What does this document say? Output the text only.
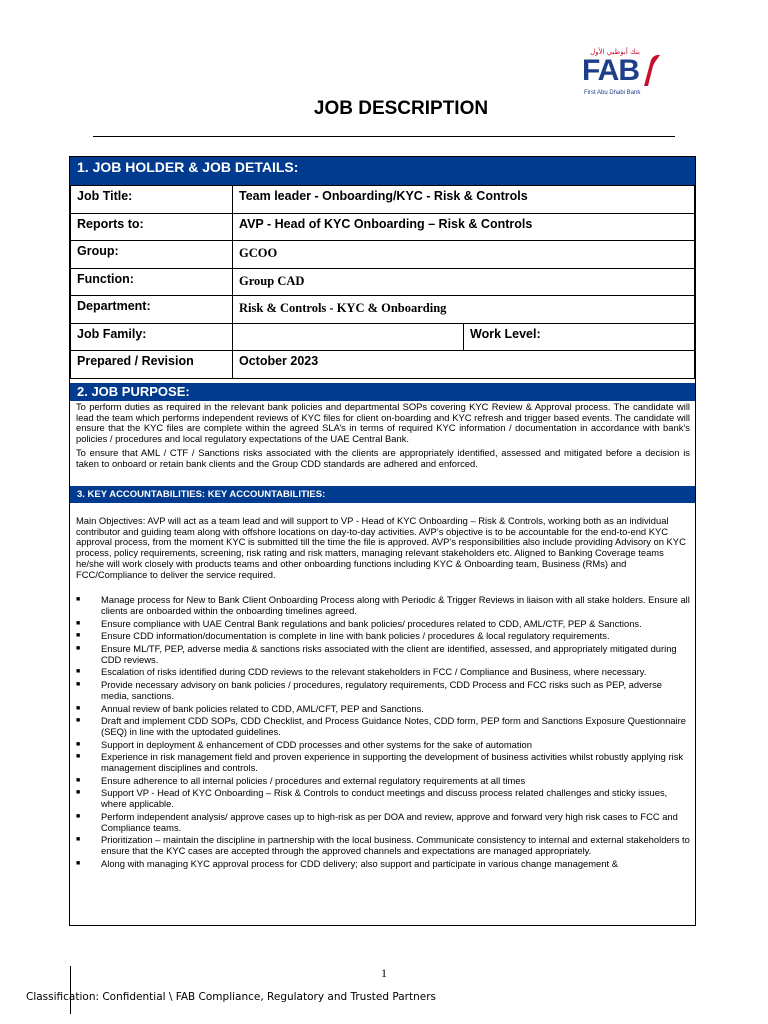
بنك أبوظبي الأول
FAB
First Abu Dhabi Bank
JOB DESCRIPTION
1. JOB HOLDER & JOB DETAILS:
Job Title:	Team leader - Onboarding/KYC - Risk & Controls	
Reports to:	AVP - Head of KYC Onboarding – Risk & Controls	
Group:	GCOO	
Function:	Group CAD	
Department:	Risk & Controls - KYC & Onboarding	
Job Family:		Work Level:
Prepared / Revision	October 2023	
2. JOB PURPOSE:

To perform duties as required in the relevant bank policies and departmental SOPs covering KYC Review & Approval process. The candidate will lead the team which performs independent reviews of KYC files for client on-boarding and KYC refresh and trigger based events. The candidate will ensure that the KYC files are complete within the agreed SLA’s in terms of required KYC information / documentation in accordance with bank’s policies / procedures and local regulatory expectations of the UAE Central Bank.

To ensure that AML / CTF / Sanctions risks associated with the clients are appropriately identified, assessed and mitigated before a decision is taken to onboard or retain bank clients and the Group CDD standards are adhered and enforced.

3. KEY ACCOUNTABILITIES: KEY ACCOUNTABILITIES:

Main Objectives: AVP will act as a team lead and will support to VP - Head of KYC Onboarding – Risk & Controls, working both as an individual contributor and guiding team along with offshore locations on day-to-day activities. AVP’s objective is to be accountable for the end-to-end KYC approval process, from the moment KYC is submitted till the time the file is approved. AVP’s responsibilities also include providing Advisory on KYC process, policy requirements, screening, risk rating and risk matters, managing relevant stakeholders etc. Aligned to Banking Coverage teams he/she will work closely with products teams and other onboarding functions including KYC & Onboarding team, Business (RMs) and FCC/Compliance to deliver the service required.

■ Manage process for New to Bank Client Onboarding Process along with Periodic & Trigger Reviews in liaison with all stake holders. Ensure all clients are onboarded within the onboarding timelines agreed.
■ Ensure compliance with UAE Central Bank regulations and bank policies/ procedures related to CDD, AML/CTF, PEP & Sanctions.
■ Ensure CDD information/documentation is complete in line with bank policies / procedures & local regulatory requirements.
■ Ensure ML/TF, PEP, adverse media & sanctions risks associated with the client are identified, assessed, and appropriately mitigated during CDD reviews.
■ Escalation of risks identified during CDD reviews to the relevant stakeholders in FCC / Compliance and Business, where necessary.
■ Provide necessary advisory on bank policies / procedures, regulatory requirements, CDD Process and FCC risks such as PEP, adverse media, sanctions.
■ Annual review of bank policies related to CDD, AML/CFT, PEP and Sanctions.
■ Draft and implement CDD SOPs, CDD Checklist, and Process Guidance Notes, CDD form, PEP form and Sanctions Exposure Questionnaire (SEQ) in line with the uptodated guidelines.
■ Support in deployment & enhancement of CDD processes and other systems for the sake of automation
■ Experience in risk management field and proven experience in supporting the development of business activities whilst robustly applying risk management disciplines and controls.
■ Ensure adherence to all internal policies / procedures and external regulatory requirements at all times
■ Support VP - Head of KYC Onboarding – Risk & Controls to conduct meetings and discuss process related challenges and sticky issues, where applicable.
■ Perform independent analysis/ approve cases up to high-risk as per DOA and review, approve and forward very high risk cases to FCC and Compliance teams.
■ Prioritization – maintain the discipline in partnership with the local business. Communicate consistency to internal and external stakeholders to ensure that the KYC cases are accepted through the approved channels and expectations are managed appropriately.
■ Along with managing KYC approval process for CDD delivery; also support and participate in various change management &
1
Classification: Confidential \ FAB Compliance, Regulatory and Trusted Partners
